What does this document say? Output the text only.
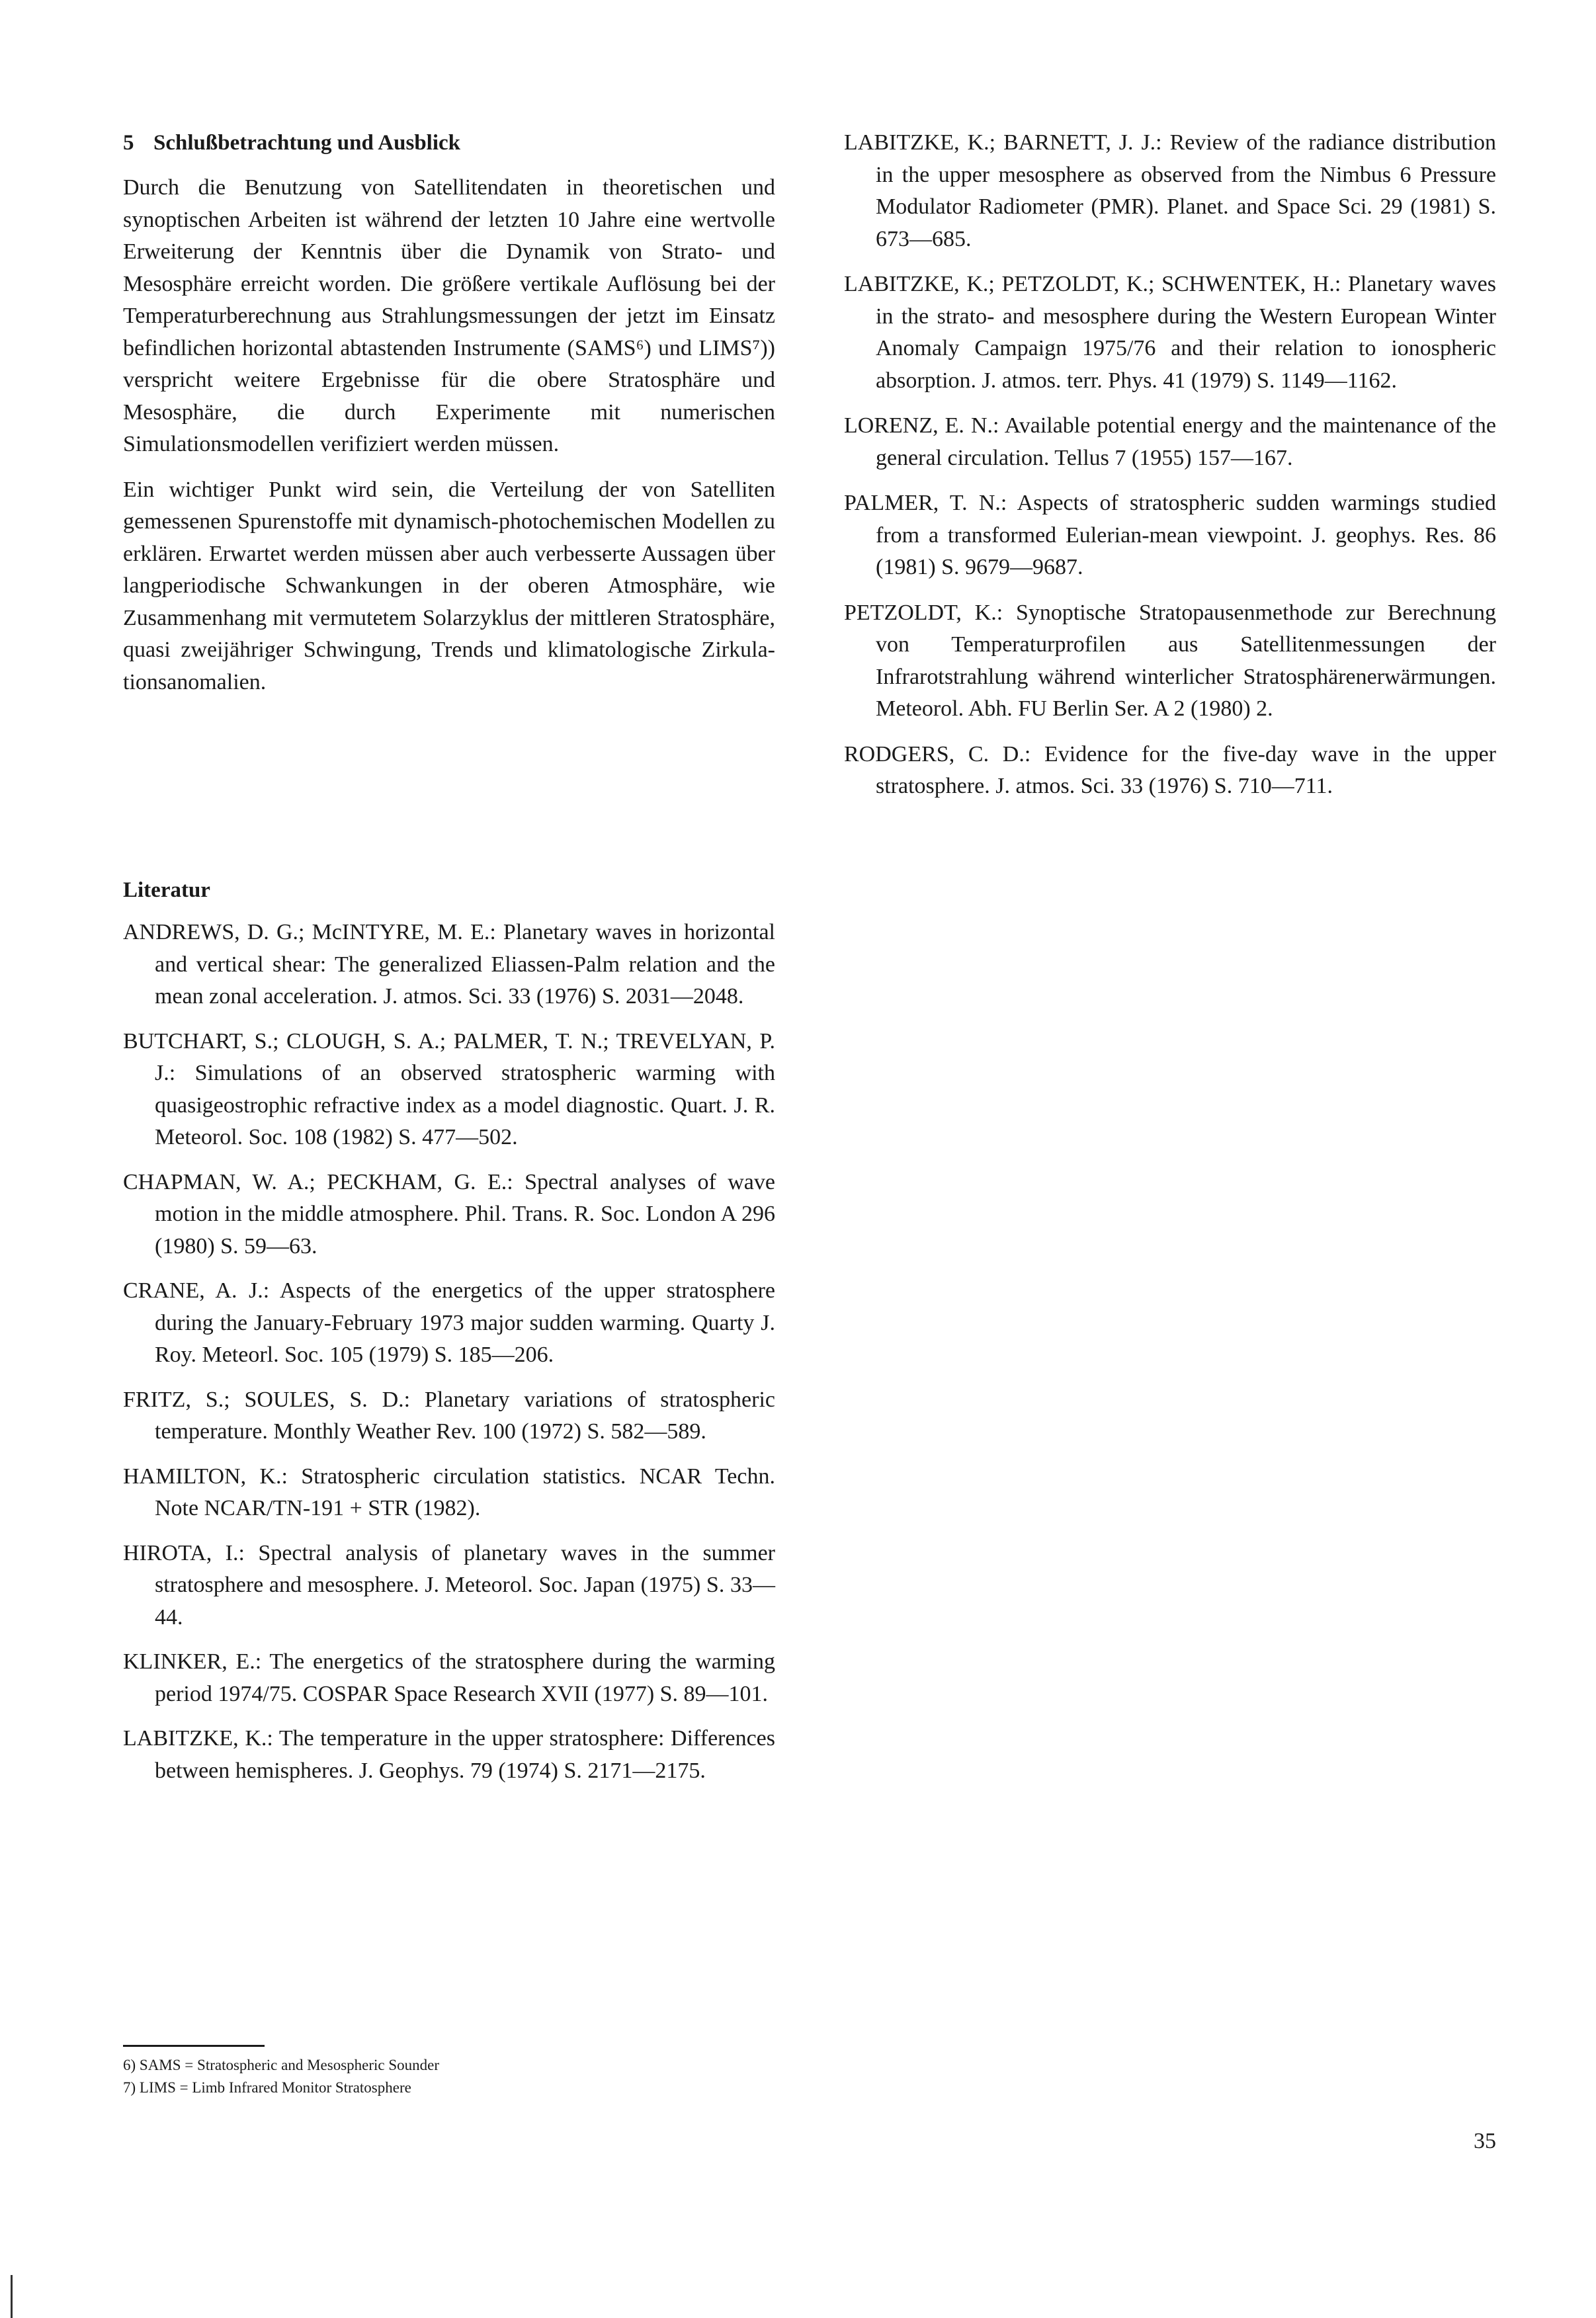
5 Schlußbetrachtung und Ausblick

Durch die Benutzung von Satellitendaten in theoretischen und synoptischen Arbeiten ist während der letzten 10 Jahre eine wertvolle Erweiterung der Kenntnis über die Dynamik von Strato- und Mesosphäre erreicht worden. Die größere vertikale Auflösung bei der Temperaturberechnung aus Strahlungsmessungen der jetzt im Einsatz befindlichen horizontal abtastenden Instrumente (SAMS⁶) und LIMS⁷)) verspricht weitere Ergebnisse für die obere Stratosphäre und Mesosphäre, die durch Experimente mit numerischen Simulationsmodellen verifiziert werden müssen.

Ein wichtiger Punkt wird sein, die Verteilung der von Satelliten gemessenen Spurenstoffe mit dynamisch-photochemischen Modellen zu erklären. Erwartet werden müssen aber auch verbesserte Aussagen über langperiodische Schwankungen in der oberen Atmosphäre, wie Zusammenhang mit vermutetem Solarzyklus der mittleren Stratosphäre, quasi zweijähriger Schwingung, Trends und klimatologische Zirkulationsanomalien.

Literatur

ANDREWS, D. G.; McINTYRE, M. E.: Planetary waves in horizontal and vertical shear: The generalized Eliassen-Palm relation and the mean zonal acceleration. J. atmos. Sci. 33 (1976) S. 2031—2048.

BUTCHART, S.; CLOUGH, S. A.; PALMER, T. N.; TREVELYAN, P. J.: Simulations of an observed stratospheric warming with quasigeostrophic refractive index as a model diagnostic. Quart. J. R. Meteorol. Soc. 108 (1982) S. 477—502.

CHAPMAN, W. A.; PECKHAM, G. E.: Spectral analyses of wave motion in the middle atmosphere. Phil. Trans. R. Soc. London A 296 (1980) S. 59—63.

CRANE, A. J.: Aspects of the energetics of the upper stratosphere during the January-February 1973 major sudden warming. Quarty J. Roy. Meteorl. Soc. 105 (1979) S. 185—206.

FRITZ, S.; SOULES, S. D.: Planetary variations of stratospheric temperature. Monthly Weather Rev. 100 (1972) S. 582—589.

HAMILTON, K.: Stratospheric circulation statistics. NCAR Techn. Note NCAR/TN-191 + STR (1982).

HIROTA, I.: Spectral analysis of planetary waves in the summer stratosphere and mesosphere. J. Meteorol. Soc. Japan (1975) S. 33—44.

KLINKER, E.: The energetics of the stratosphere during the warming period 1974/75. COSPAR Space Research XVII (1977) S. 89—101.

LABITZKE, K.: The temperature in the upper stratosphere: Differences between hemispheres. J. Geophys. 79 (1974) S. 2171—2175.

LABITZKE, K.; BARNETT, J. J.: Review of the radiance distribution in the upper mesosphere as observed from the Nimbus 6 Pressure Modulator Radiometer (PMR). Planet. and Space Sci. 29 (1981) S. 673—685.

LABITZKE, K.; PETZOLDT, K.; SCHWENTEK, H.: Planetary waves in the strato- and mesosphere during the Western European Winter Anomaly Campaign 1975/76 and their relation to ionospheric absorption. J. atmos. terr. Phys. 41 (1979) S. 1149—1162.

LORENZ, E. N.: Available potential energy and the maintenance of the general circulation. Tellus 7 (1955) 157—167.

PALMER, T. N.: Aspects of stratospheric sudden warmings studied from a transformed Eulerian-mean viewpoint. J. geophys. Res. 86 (1981) S. 9679—9687.

PETZOLDT, K.: Synoptische Stratopausenmethode zur Berechnung von Temperaturprofilen aus Satellitenmessungen der Infrarotstrahlung während winterlicher Stratosphärenerwärmungen. Meteorol. Abh. FU Berlin Ser. A 2 (1980) 2.

RODGERS, C. D.: Evidence for the five-day wave in the upper stratosphere. J. atmos. Sci. 33 (1976) S. 710—711.

6) SAMS = Stratospheric and Mesospheric Sounder

7) LIMS = Limb Infrared Monitor Stratosphere

35
